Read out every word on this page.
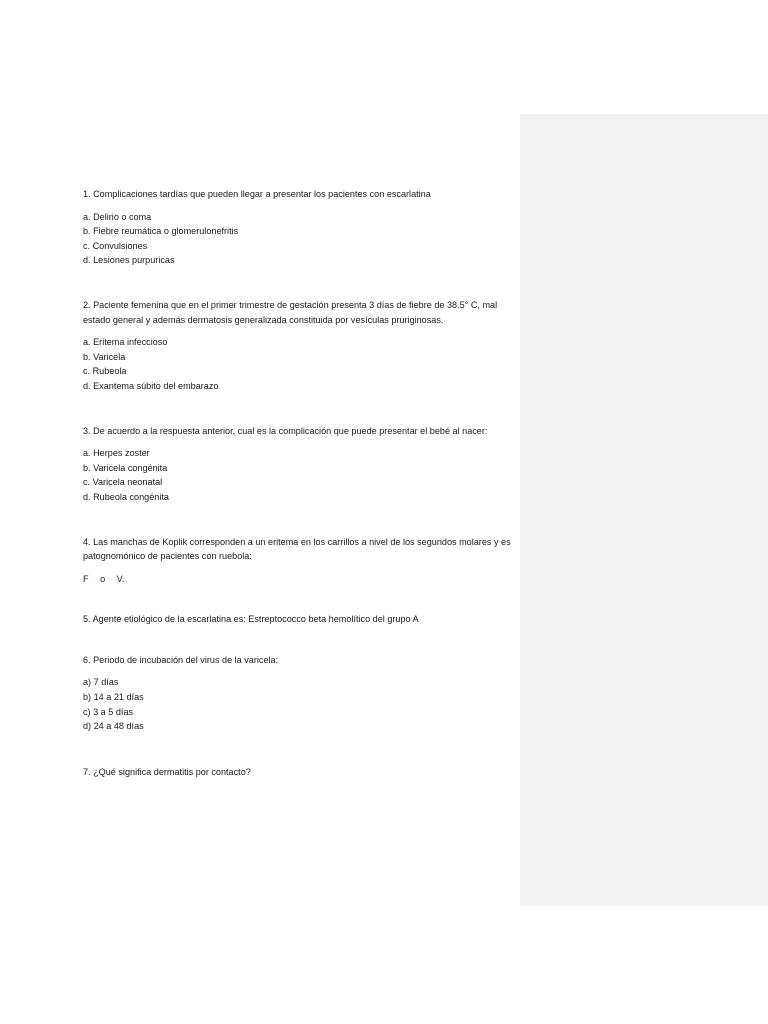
1. Complicaciones tardías que pueden llegar a presentar los pacientes con escarlatina

a. Delirio o coma
b. Fiebre reumática o glomerulonefritis
c. Convulsiones
d. Lesiones purpuricas

2. Paciente femenina que en el primer trimestre de gestación presenta 3 días de fiebre de 38.5° C, mal estado general y además dermatosis generalizada constituida por vesículas pruriginosas.

a. Eritema infeccioso
b. Varicela
c. Rubeola
d. Exantema súbito del embarazo

3. De acuerdo a la respuesta anterior, cual es la complicación que puede presentar el bebé al nacer:

a. Herpes zoster
b. Varicela congénita
c. Varicela neonatal
d. Rubeola congénita

4. Las manchas de Koplik corresponden a un eritema en los carrillos a nivel de los segundos molares y es patognomónico de pacientes con ruebola:

F o V.

5. Agente etiológico de la escarlatina es: Estreptococco beta hemolítico del grupo A

6. Periodo de incubación del virus de la varicela:

a) 7 días
b) 14 a 21 días
c) 3 a 5 días
d) 24 a 48 días

7. ¿Qué significa dermatitis por contacto?
